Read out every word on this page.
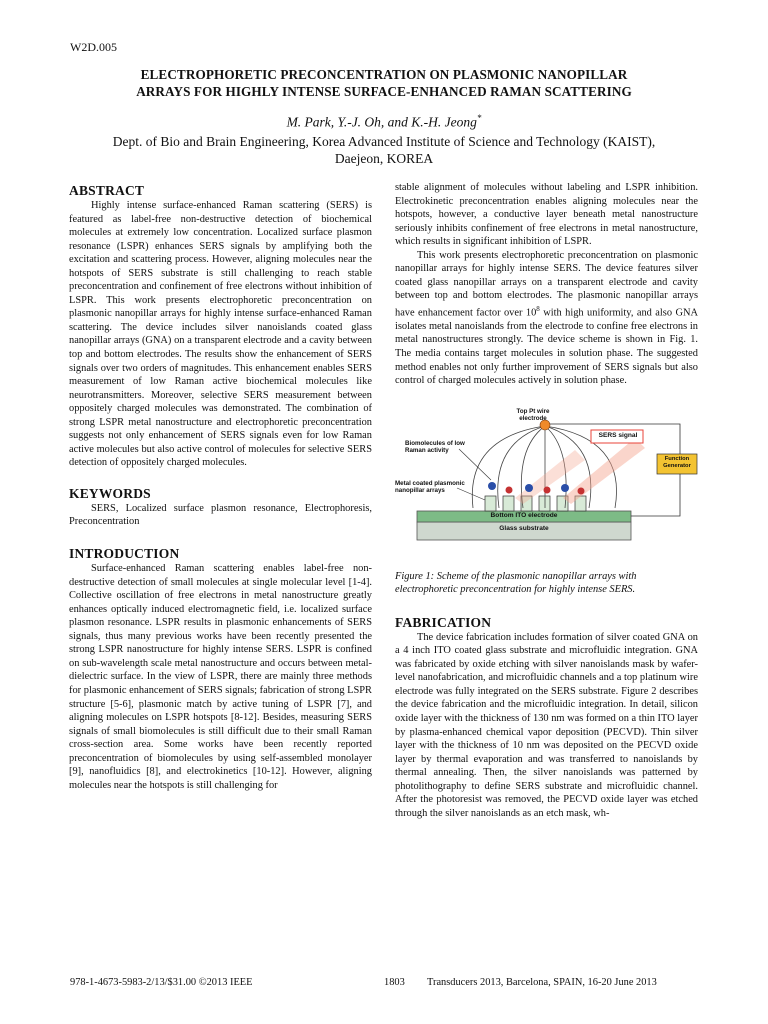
W2D.005
ELECTROPHORETIC PRECONCENTRATION ON PLASMONIC NANOPILLAR
ARRAYS FOR HIGHLY INTENSE SURFACE-ENHANCED RAMAN SCATTERING
M. Park, Y.-J. Oh, and K.-H. Jeong*
Dept. of Bio and Brain Engineering, Korea Advanced Institute of Science and Technology (KAIST),
Daejeon, KOREA
ABSTRACT

Highly intense surface-enhanced Raman scattering (SERS) is featured as label-free non-destructive detection of biochemical molecules at extremely low concentration. Localized surface plasmon resonance (LSPR) enhances SERS signals by amplifying both the excitation and scattering process. However, aligning molecules near the hotspots of SERS substrate is still challenging to reach stable preconcentration and confinement of free electrons without inhibition of LSPR. This work presents electrophoretic preconcentration on plasmonic nanopillar arrays for highly intense surface-enhanced Raman scattering. The device includes silver nanoislands coated glass nanopillar arrays (GNA) on a transparent electrode and a cavity between top and bottom electrodes. The results show the enhancement of SERS signals over two orders of magnitudes. This enhancement enables SERS measurement of low Raman active biochemical molecules like neurotransmitters. Moreover, selective SERS measurement between oppositely charged molecules was demonstrated. The combination of strong LSPR metal nanostructure and electrophoretic preconcentration suggests not only enhancement of SERS signals even for low Raman active molecules but also active control of molecules for selective SERS detection of oppositely charged molecules.

KEYWORDS

SERS, Localized surface plasmon resonance, Electrophoresis, Preconcentration

INTRODUCTION

Surface-enhanced Raman scattering enables label-free non-destructive detection of small molecules at single molecular level [1-4]. Collective oscillation of free electrons in metal nanostructure greatly enhances optically induced electromagnetic field, i.e. localized surface plasmon resonance. LSPR results in plasmonic enhancements of SERS signals, thus many previous works have been recently presented the strong LSPR nanostructure for highly intense SERS. LSPR is confined on sub-wavelength scale metal nanostructure and occurs between metal-dielectric surface. In the view of LSPR, there are mainly three methods for plasmonic enhancement of SERS signals; fabrication of strong LSPR structure [5-6], plasmonic match by active tuning of LSPR [7], and aligning molecules on LSPR hotspots [8-12]. Besides, measuring SERS signals of small biomolecules is still difficult due to their small Raman cross-section area. Some works have been recently reported preconcentration of biomolecules by using self-assembled monolayer [9], nanofluidics [8], and electrokinetics [10-12]. However, aligning molecules near the hotspots is still challenging for

stable alignment of molecules without labeling and LSPR inhibition. Electrokinetic preconcentration enables aligning molecules near the hotspots, however, a conductive layer beneath metal nanostructure seriously inhibits confinement of free electrons in metal nanostructure, which results in significant inhibition of LSPR.

This work presents electrophoretic preconcentration on plasmonic nanopillar arrays for highly intense SERS. The device features silver coated glass nanopillar arrays on a transparent electrode and cavity between top and bottom electrodes. The plasmonic nanopillar arrays have enhancement factor over $10^8$ with high uniformity, and also GNA isolates metal nanoislands from the electrode to confine free electrons in metal nanostructures strongly. The device scheme is shown in Fig. 1. The media contains target molecules in solution phase. The suggested method enables not only further improvement of SERS signals but also control of charged molecules actively in solution phase.

Top Pt wire electrode
Biomolecules of low Raman activity
SERS signal
Function Generator
Metal coated plasmonic nanopillar arrays
Bottom ITO electrode
Glass substrate
Figure 1: Scheme of the plasmonic nanopillar arrays with electrophoretic preconcentration for highly intense SERS.
FABRICATION

The device fabrication includes formation of silver coated GNA on a 4 inch ITO coated glass substrate and microfluidic integration. GNA was fabricated by oxide etching with silver nanoislands mask by wafer-level nanofabrication, and microfluidic channels and a top platinum wire electrode was fully integrated on the SERS substrate. Figure 2 describes the device fabrication and the microfluidic integration. In detail, silicon oxide layer with the thickness of 130 nm was formed on a thin ITO layer by plasma-enhanced chemical vapor deposition (PECVD). Thin silver layer with the thickness of 10 nm was deposited on the PECVD oxide layer by thermal evaporation and was transferred to nanoislands by thermal annealing. Then, the silver nanoislands was patterned by photolithography to define SERS substrate and microfluidic channel. After the photoresist was removed, the PECVD oxide layer was etched through the silver nanoislands as an etch mask, wh-

978-1-4673-5983-2/13/$31.00 ©2013 IEEE	1803 Transducers 2013, Barcelona, SPAIN, 16-20 June 2013
